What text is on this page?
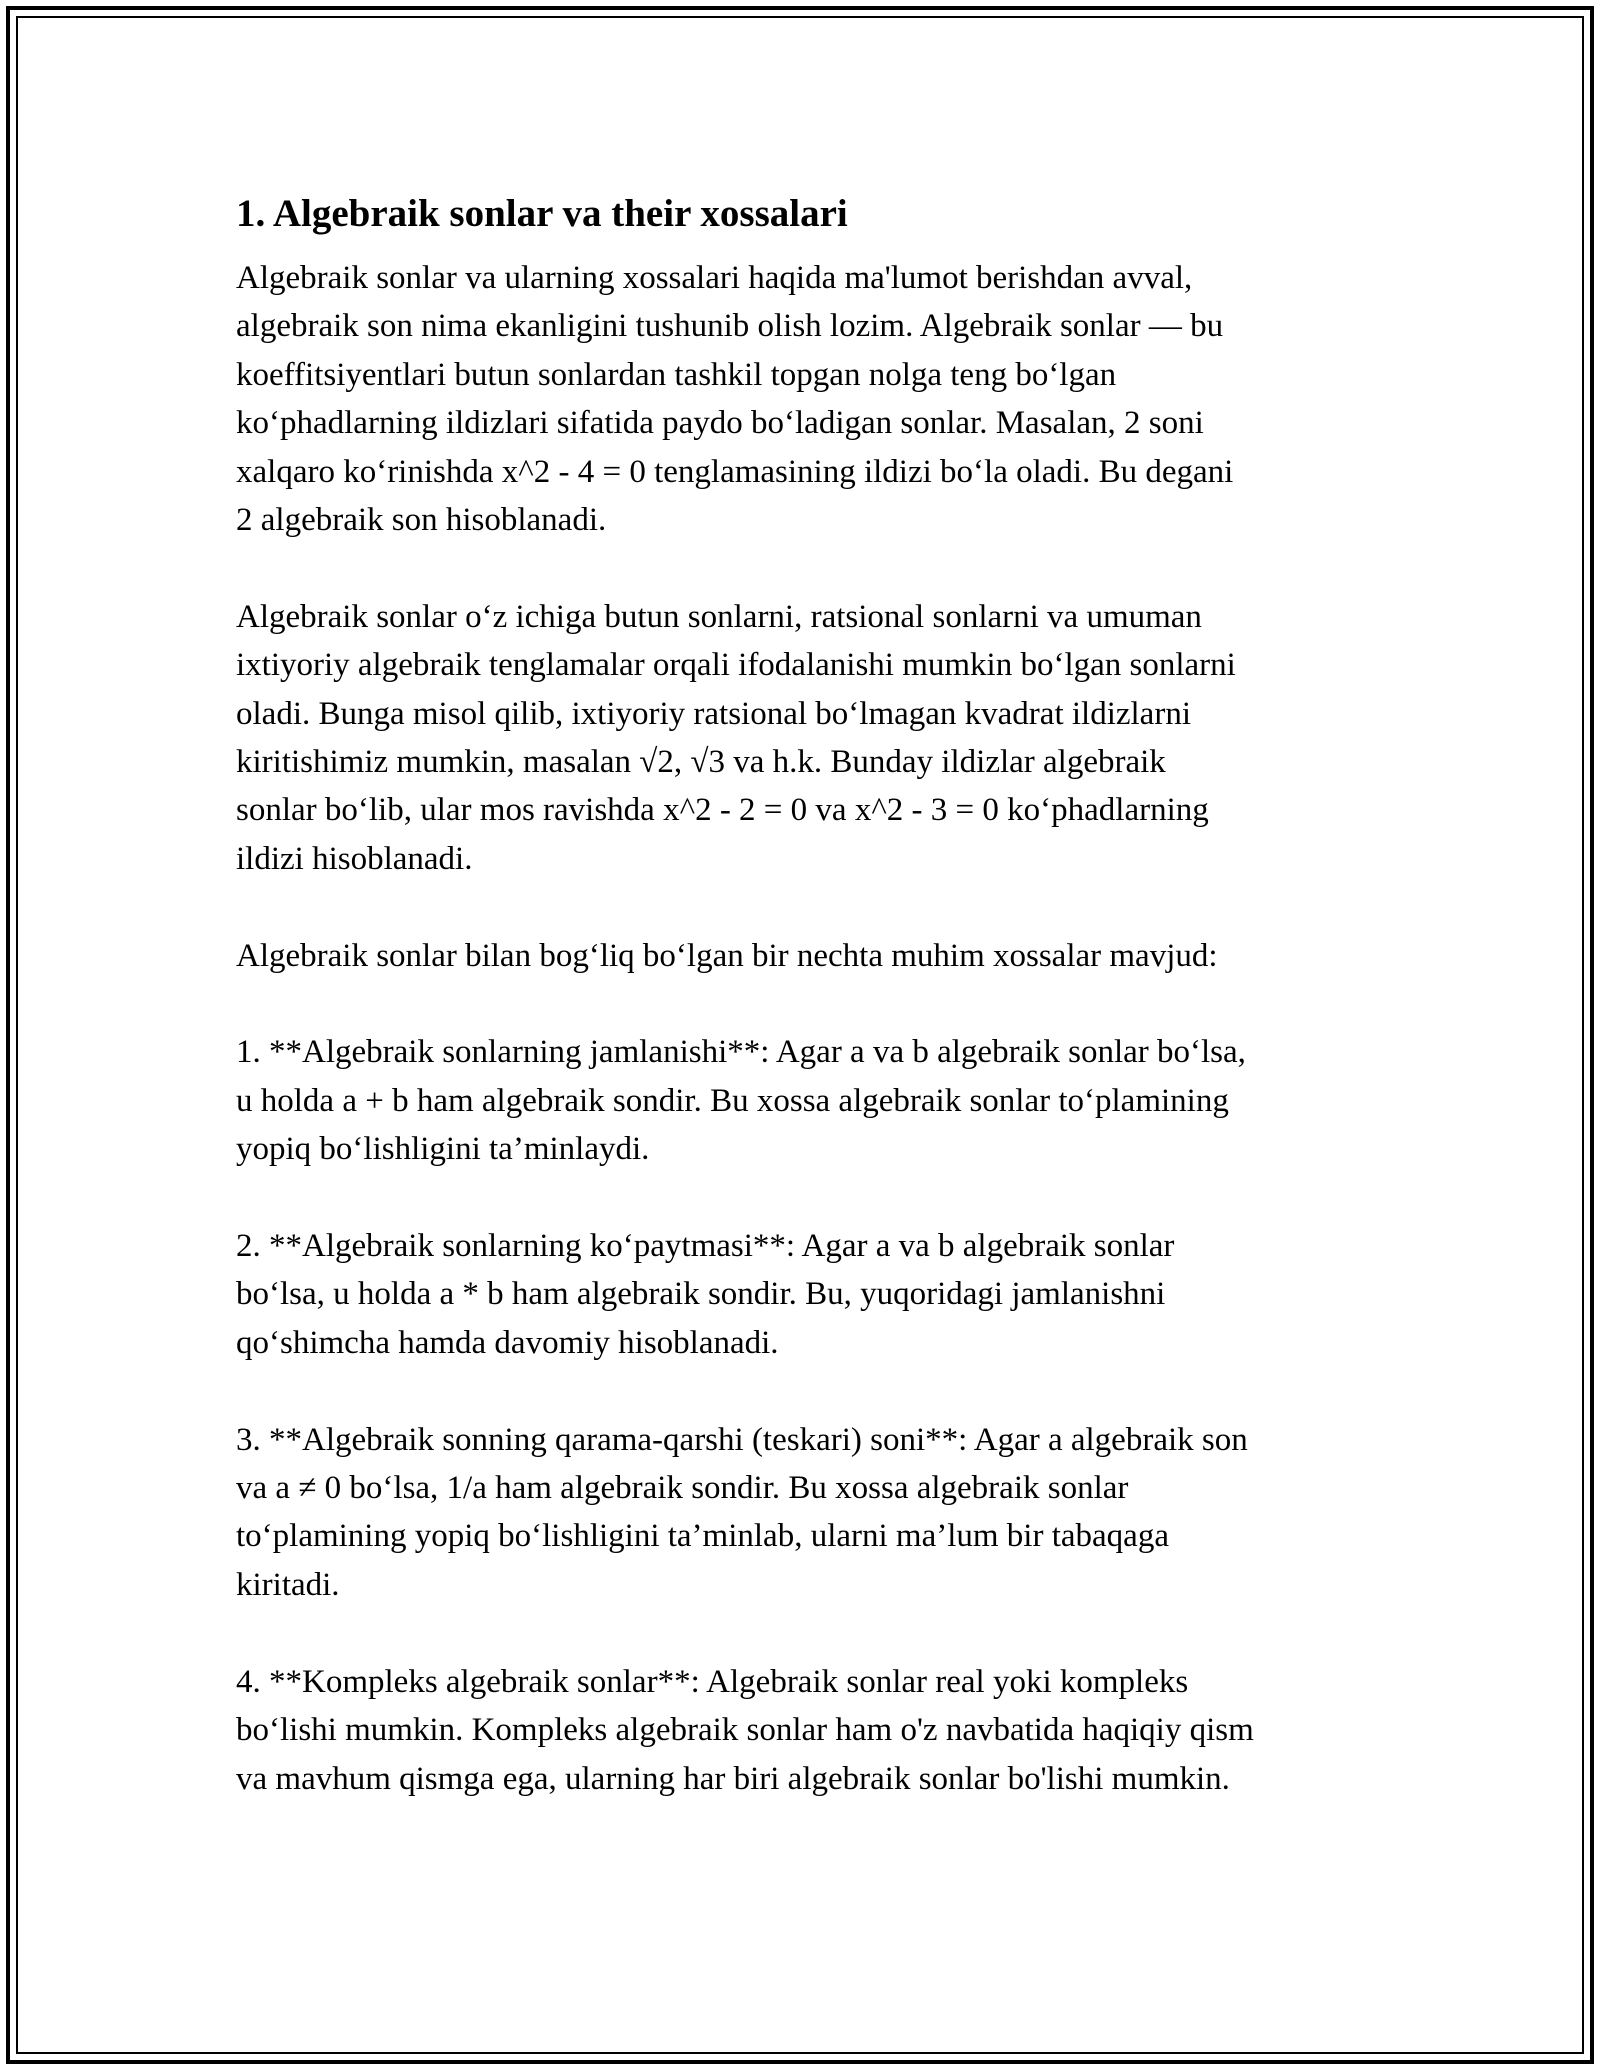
1. Algebraik sonlar va their xossalari

Algebraik sonlar va ularning xossalari haqida ma'lumot berishdan avval,
algebraik son nima ekanligini tushunib olish lozim. Algebraik sonlar — bu
koeffitsiyentlari butun sonlardan tashkil topgan nolga teng bo‘lgan
ko‘phadlarning ildizlari sifatida paydo bo‘ladigan sonlar. Masalan, 2 soni
xalqaro ko‘rinishda x^2 - 4 = 0 tenglamasining ildizi bo‘la oladi. Bu degani
2 algebraik son hisoblanadi.

Algebraik sonlar o‘z ichiga butun sonlarni, ratsional sonlarni va umuman
ixtiyoriy algebraik tenglamalar orqali ifodalanishi mumkin bo‘lgan sonlarni
oladi. Bunga misol qilib, ixtiyoriy ratsional bo‘lmagan kvadrat ildizlarni
kiritishimiz mumkin, masalan √2, √3 va h.k. Bunday ildizlar algebraik
sonlar bo‘lib, ular mos ravishda x^2 - 2 = 0 va x^2 - 3 = 0 ko‘phadlarning
ildizi hisoblanadi.

Algebraik sonlar bilan bog‘liq bo‘lgan bir nechta muhim xossalar mavjud:

1. **Algebraik sonlarning jamlanishi**: Agar a va b algebraik sonlar bo‘lsa,
u holda a + b ham algebraik sondir. Bu xossa algebraik sonlar to‘plamining
yopiq bo‘lishligini ta’minlaydi.

2. **Algebraik sonlarning ko‘paytmasi**: Agar a va b algebraik sonlar
bo‘lsa, u holda a * b ham algebraik sondir. Bu, yuqoridagi jamlanishni
qo‘shimcha hamda davomiy hisoblanadi.

3. **Algebraik sonning qarama-qarshi (teskari) soni**: Agar a algebraik son
va a ≠ 0 bo‘lsa, 1/a ham algebraik sondir. Bu xossa algebraik sonlar
to‘plamining yopiq bo‘lishligini ta’minlab, ularni ma’lum bir tabaqaga
kiritadi.

4. **Kompleks algebraik sonlar**: Algebraik sonlar real yoki kompleks
bo‘lishi mumkin. Kompleks algebraik sonlar ham o'z navbatida haqiqiy qism
va mavhum qismga ega, ularning har biri algebraik sonlar bo'lishi mumkin.
